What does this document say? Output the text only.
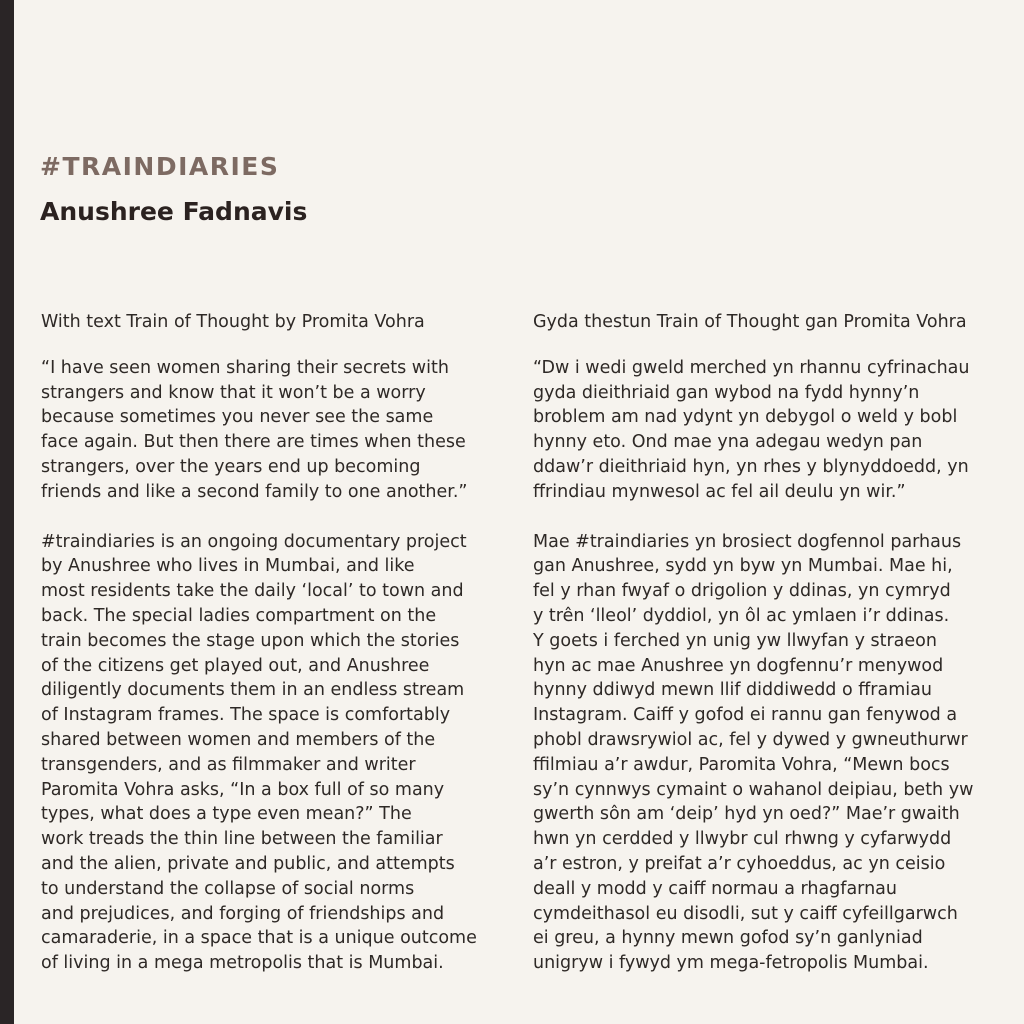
#TRAINDIARIES
Anushree Fadnavis
With text Train of Thought by Promita Vohra
“I have seen women sharing their secrets with
strangers and know that it won’t be a worry
because sometimes you never see the same
face again. But then there are times when these
strangers, over the years end up becoming
friends and like a second family to one another.”
#traindiaries is an ongoing documentary project
by Anushree who lives in Mumbai, and like
most residents take the daily ‘local’ to town and
back. The special ladies compartment on the
train becomes the stage upon which the stories
of the citizens get played out, and Anushree
diligently documents them in an endless stream
of Instagram frames. The space is comfortably
shared between women and members of the
transgenders, and as filmmaker and writer
Paromita Vohra asks, “In a box full of so many
types, what does a type even mean?” The
work treads the thin line between the familiar
and the alien, private and public, and attempts
to understand the collapse of social norms
and prejudices, and forging of friendships and
camaraderie, in a space that is a unique outcome
of living in a mega metropolis that is Mumbai.
Gyda thestun Train of Thought gan Promita Vohra
“Dw i wedi gweld merched yn rhannu cyfrinachau
gyda dieithriaid gan wybod na fydd hynny’n
broblem am nad ydynt yn debygol o weld y bobl
hynny eto. Ond mae yna adegau wedyn pan
ddaw’r dieithriaid hyn, yn rhes y blynyddoedd, yn
ffrindiau mynwesol ac fel ail deulu yn wir.”
Mae #traindiaries yn brosiect dogfennol parhaus
gan Anushree, sydd yn byw yn Mumbai. Mae hi,
fel y rhan fwyaf o drigolion y ddinas, yn cymryd
y trên ‘lleol’ dyddiol, yn ôl ac ymlaen i’r ddinas.
Y goets i ferched yn unig yw llwyfan y straeon
hyn ac mae Anushree yn dogfennu’r menywod
hynny ddiwyd mewn llif diddiwedd o fframiau
Instagram. Caiff y gofod ei rannu gan fenywod a
phobl drawsrywiol ac, fel y dywed y gwneuthurwr
ffilmiau a’r awdur, Paromita Vohra, “Mewn bocs
sy’n cynnwys cymaint o wahanol deipiau, beth yw
gwerth sôn am ‘deip’ hyd yn oed?” Mae’r gwaith
hwn yn cerdded y llwybr cul rhwng y cyfarwydd
a’r estron, y preifat a’r cyhoeddus, ac yn ceisio
deall y modd y caiff normau a rhagfarnau
cymdeithasol eu disodli, sut y caiff cyfeillgarwch
ei greu, a hynny mewn gofod sy’n ganlyniad
unigryw i fywyd ym mega-fetropolis Mumbai.
